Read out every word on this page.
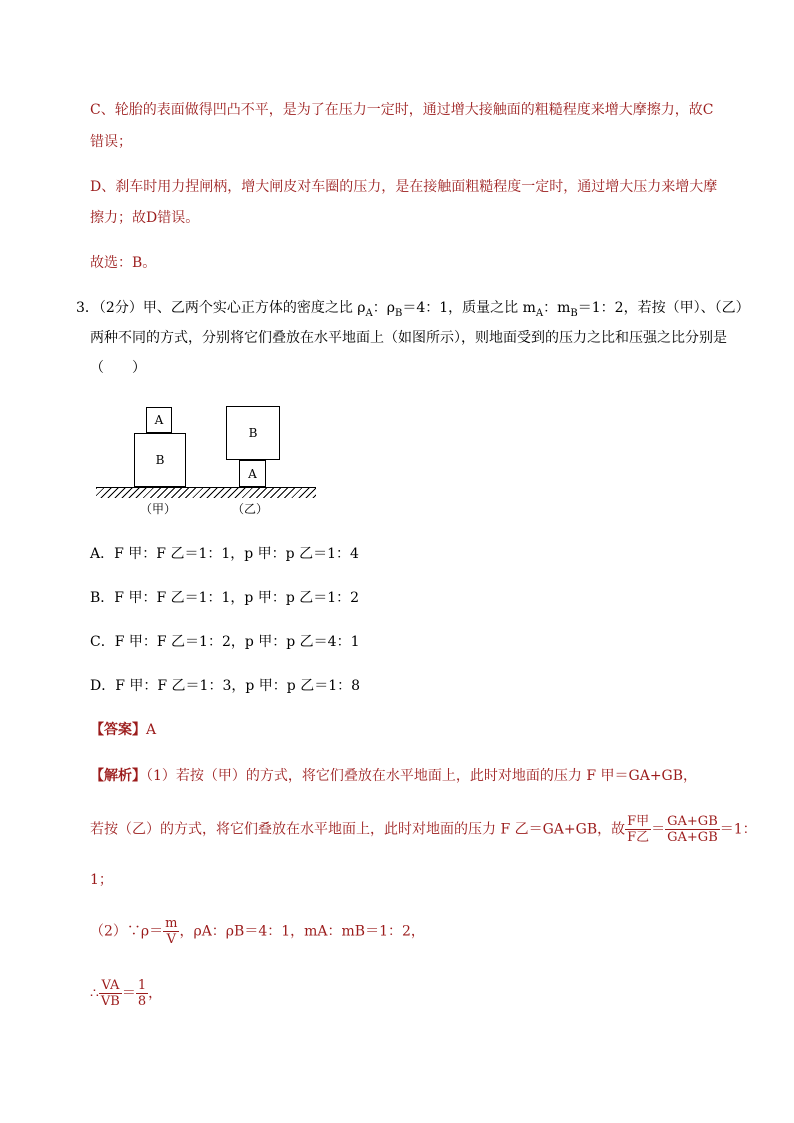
C、轮胎的表面做得凹凸不平，是为了在压力一定时，通过增大接触面的粗糙程度来增大摩擦力，故C
错误；
D、刹车时用力捏闸柄，增大闸皮对车圈的压力，是在接触面粗糙程度一定时，通过增大压力来增大摩
擦力；故D错误。
故选：B。
3．（2分）甲、乙两个实心正方体的密度之比 $\rho_A$：$\rho_B=4$：1，质量之比 $m_A$：$m_B=1$：2，若按（甲）、（乙）
两种不同的方式，分别将它们叠放在水平地面上（如图所示），则地面受到的压力之比和压强之比分别是
（　　）
A
B
B
A
（甲）	（乙）
A．F 甲：F 乙＝1：1，p 甲：p 乙＝1：4
B．F 甲：F 乙＝1：1，p 甲：p 乙＝1：2
C．F 甲：F 乙＝1：2，p 甲：p 乙＝4：1
D．F 甲：F 乙＝1：3，p 甲：p 乙＝1：8
【答案】A
【解析】（1）若按（甲）的方式，将它们叠放在水平地面上，此时对地面的压力 F 甲＝GA+GB，
若按（乙）的方式，将它们叠放在水平地面上，此时对地面的压力 F 乙＝GA+GB，故 $\frac{\text{F甲}}{\text{F乙}} = \frac{GA+GB}{GA+GB} =1$：
1；
（2）∵ρ＝ $\frac{m}{V}$ ，ρA：ρB＝4：1，mA：mB＝1：2，
∴ $\frac{VA}{VB} = \frac{1}{8}$ ，
